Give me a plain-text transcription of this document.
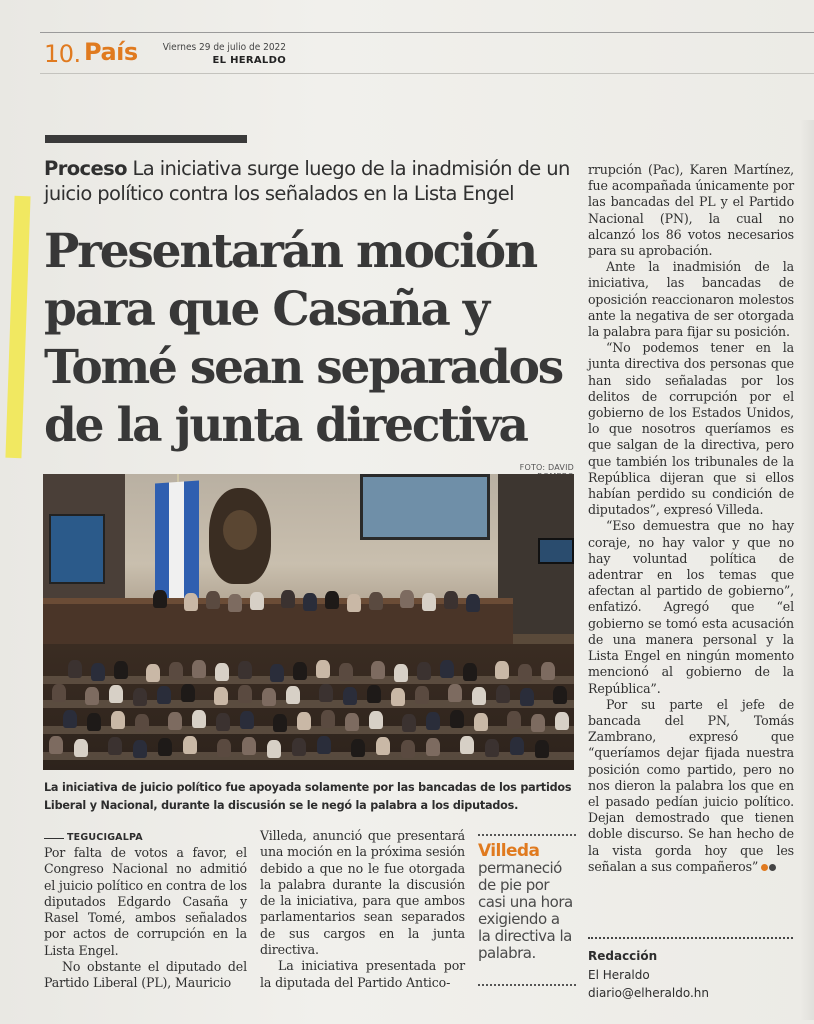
10. País	Viernes 29 de julio de 2022
EL HERALDO
Proceso La iniciativa surge luego de la inadmisión de un juicio político contra los señalados en la Lista Engel
Presentarán moción para que Casaña y Tomé sean separados de la junta directiva
FOTO: DAVID
La iniciativa de juicio político fue apoyada solamente por las bancadas de los partidos Liberal y Nacional, durante la discusión se le negó la palabra a los diputados.
TEGUCIGALPA

Por falta de votos a favor, el Congreso Nacional no admitió el juicio político en contra de los diputados Edgardo Casaña y Rasel Tomé, ambos señalados por actos de corrupción en la Lista Engel.

No obstante el diputado del Partido Liberal (PL), Mauricio

Villeda, anunció que presentará una moción en la próxima sesión debido a que no le fue otorgada la palabra durante la discusión de la iniciativa, para que ambos parlamentarios sean separados de sus cargos en la junta directiva.

La iniciativa presentada por la diputada del Partido Antico-

Villeda
permaneció de pie por casi una hora exigiendo a la directiva la palabra.

rrupción (Pac), Karen Martínez, fue acompañada únicamente por las bancadas del PL y el Partido Nacional (PN), la cual no alcanzó los 86 votos necesarios para su aprobación.

Ante la inadmisión de la iniciativa, las bancadas de oposición reaccionaron molestos ante la negativa de ser otorgada la palabra para fijar su posición.

“No podemos tener en la junta directiva dos personas que han sido señaladas por los delitos de corrupción por el gobierno de los Estados Unidos, lo que nosotros queríamos es que salgan de la directiva, pero que también los tribunales de la República dijeran que si ellos habían perdido su condición de diputados”, expresó Villeda.

“Eso demuestra que no hay coraje, no hay valor y que no hay voluntad política de adentrar en los temas que afectan al partido de gobierno”, enfatizó. Agregó que “el gobierno se tomó esta acusación de una manera personal y la Lista Engel en ningún momento mencionó al gobierno de la República”.

Por su parte el jefe de bancada del PN, Tomás Zambrano, expresó que “queríamos dejar fijada nuestra posición como partido, pero no nos dieron la palabra los que en el pasado pedían juicio político. Dejan demostrado que tienen doble discurso. Se han hecho de la vista gorda hoy que les señalan a sus compañeros”

Redacción
El Heraldo
diario@elheraldo.hn
